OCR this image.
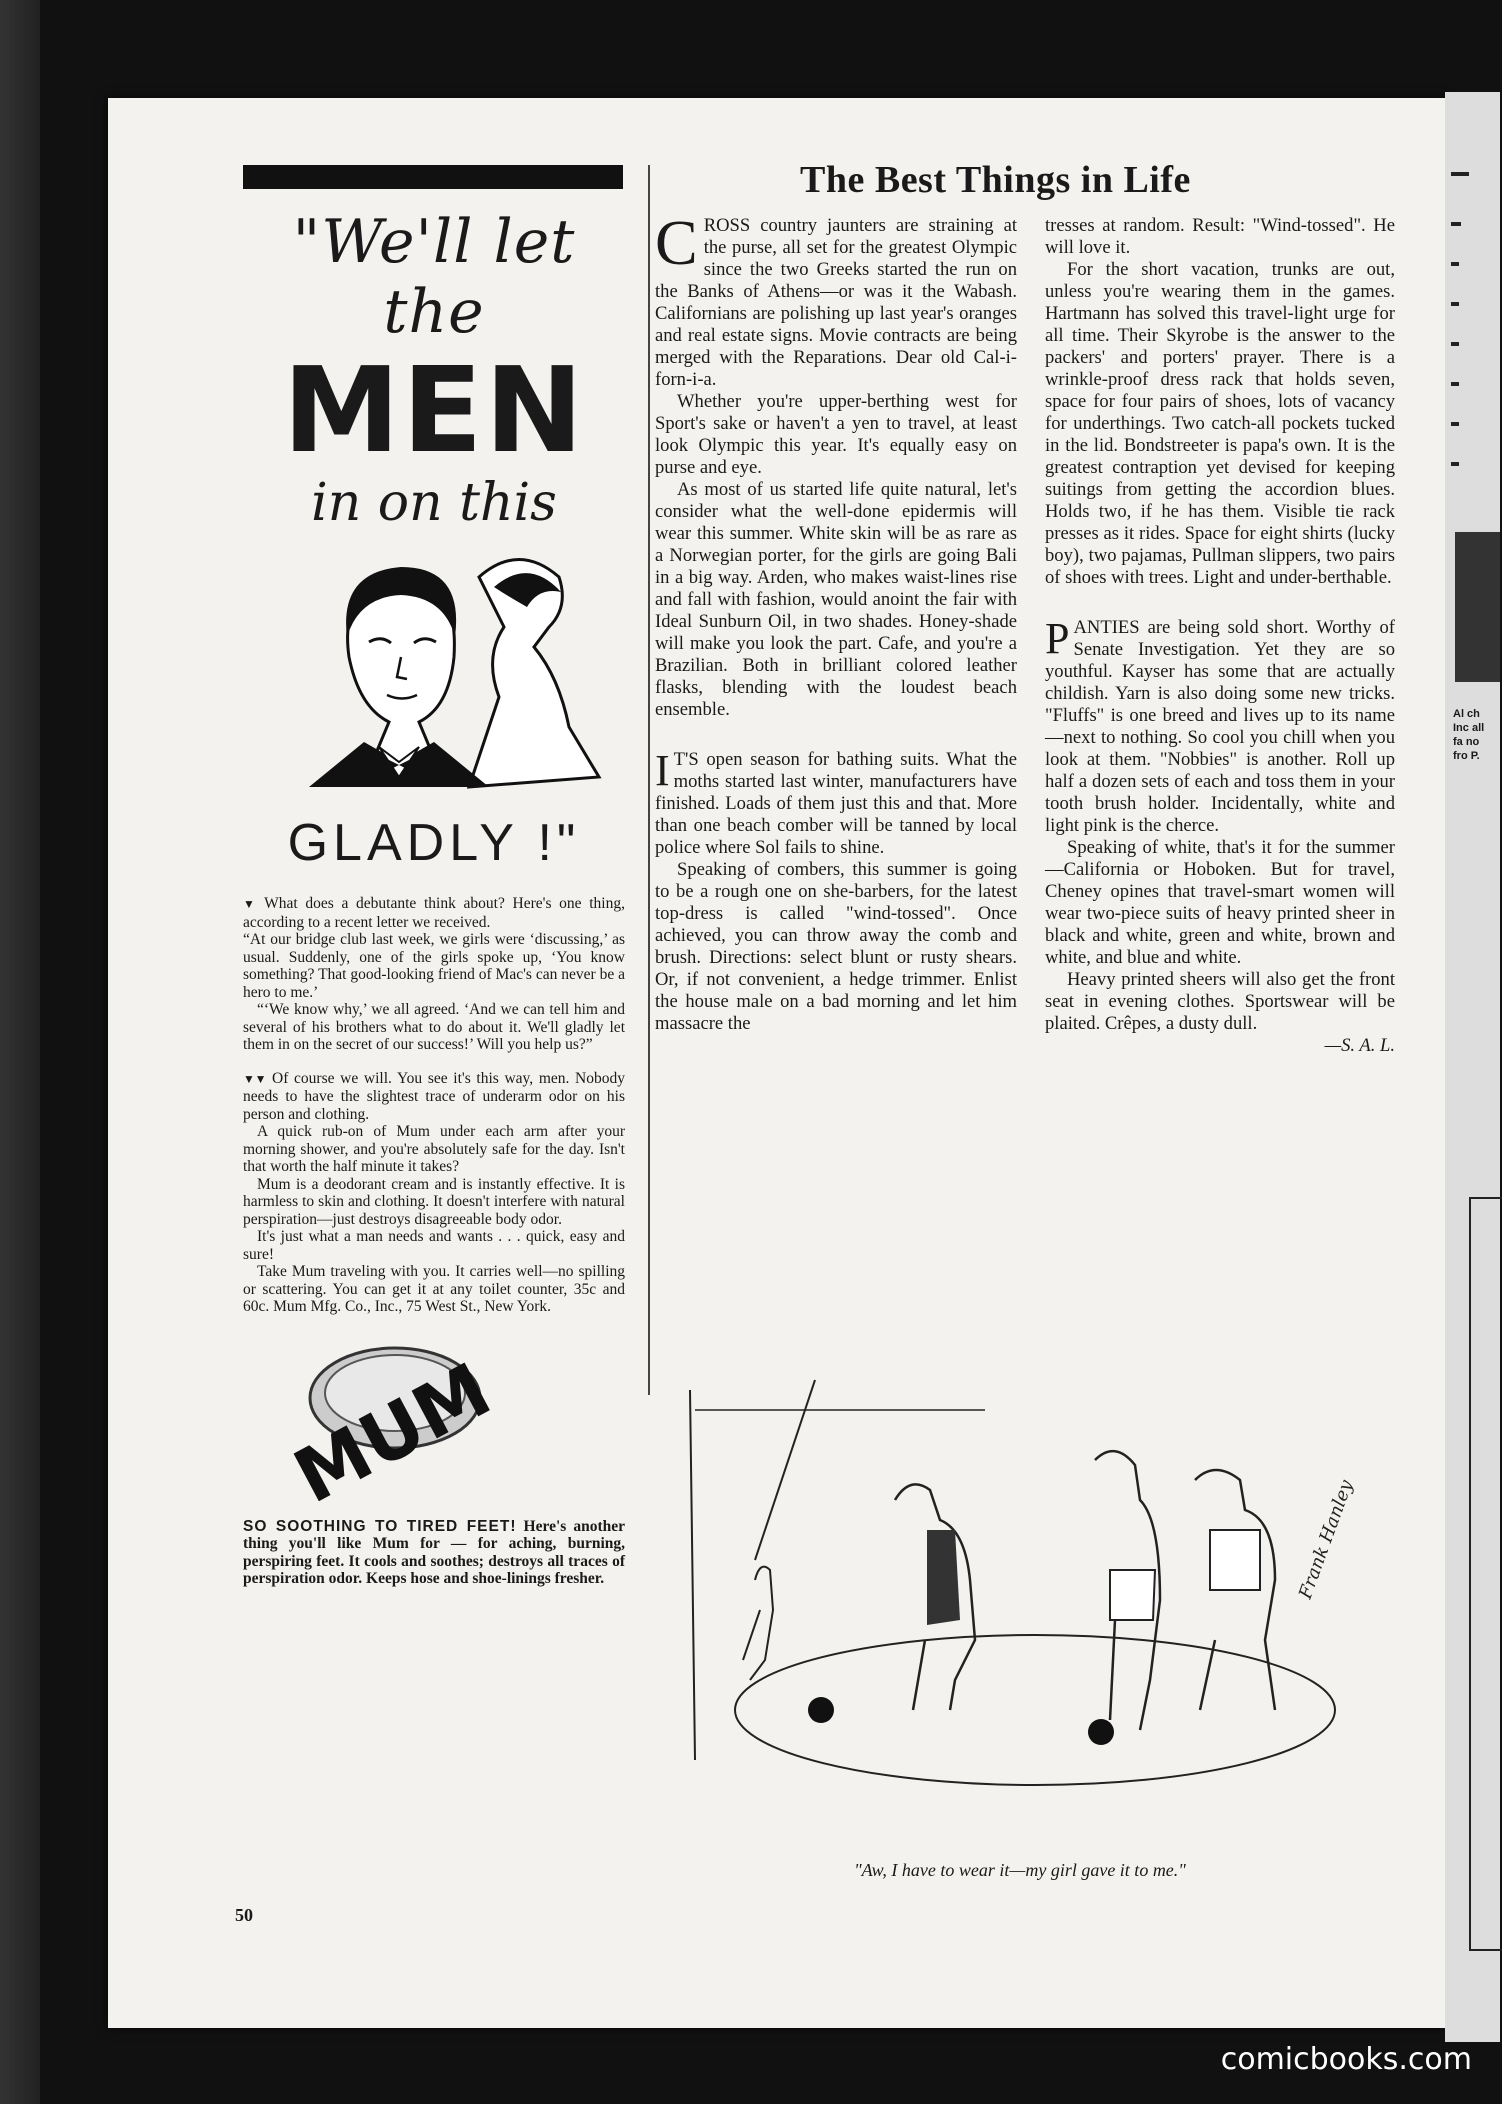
Al ch Inc all fa no fro P.
"We'll let the
MEN
in on this
GLADLY !"

▼ What does a debutante think about? Here's one thing, according to a recent letter we received.

“At our bridge club last week, we girls were ‘discussing,’ as usual. Suddenly, one of the girls spoke up, ‘You know something? That good-looking friend of Mac's can never be a hero to me.’

“‘We know why,’ we all agreed. ‘And we can tell him and several of his brothers what to do about it. We'll gladly let them in on the secret of our success!’ Will you help us?”

▼▼ Of course we will. You see it's this way, men. Nobody needs to have the slightest trace of underarm odor on his person and clothing.

A quick rub-on of Mum under each arm after your morning shower, and you're absolutely safe for the day. Isn't that worth the half minute it takes?

Mum is a deodorant cream and is instantly effective. It is harmless to skin and clothing. It doesn't interfere with natural perspiration—just destroys disagreeable body odor.

It's just what a man needs and wants . . . quick, easy and sure!

Take Mum traveling with you. It carries well—no spilling or scattering. You can get it at any toilet counter, 35c and 60c. Mum Mfg. Co., Inc., 75 West St., New York.

MUM
SO SOOTHING TO TIRED FEET! Here's another thing you'll like Mum for — for aching, burning, perspiring feet. It cools and soothes; destroys all traces of perspiration odor. Keeps hose and shoe-linings fresher.
50
The Best Things in Life

CROSS country jaunters are straining at the purse, all set for the greatest Olympic since the two Greeks started the run on the Banks of Athens—or was it the Wabash. Californians are polishing up last year's oranges and real estate signs. Movie contracts are being merged with the Reparations. Dear old Cal-i-forn-i-a.

Whether you're upper-berthing west for Sport's sake or haven't a yen to travel, at least look Olympic this year. It's equally easy on purse and eye.

As most of us started life quite natural, let's consider what the well-done epidermis will wear this summer. White skin will be as rare as a Norwegian porter, for the girls are going Bali in a big way. Arden, who makes waist-lines rise and fall with fashion, would anoint the fair with Ideal Sunburn Oil, in two shades. Honey-shade will make you look the part. Cafe, and you're a Brazilian. Both in brilliant colored leather flasks, blending with the loudest beach ensemble.

I T'S open season for bathing suits. What the moths started last winter, manufacturers have finished. Loads of them just this and that. More than one beach comber will be tanned by local police where Sol fails to shine.

Speaking of combers, this summer is going to be a rough one on she-barbers, for the latest top-dress is called "wind-tossed". Once achieved, you can throw away the comb and brush. Directions: select blunt or rusty shears. Or, if not convenient, a hedge trimmer. Enlist the house male on a bad morning and let him massacre the

tresses at random. Result: "Wind-tossed". He will love it.

For the short vacation, trunks are out, unless you're wearing them in the games. Hartmann has solved this travel-light urge for all time. Their Skyrobe is the answer to the packers' and porters' prayer. There is a wrinkle-proof dress rack that holds seven, space for four pairs of shoes, lots of vacancy for underthings. Two catch-all pockets tucked in the lid. Bondstreeter is papa's own. It is the greatest contraption yet devised for keeping suitings from getting the accordion blues. Holds two, if he has them. Visible tie rack presses as it rides. Space for eight shirts (lucky boy), two pajamas, Pullman slippers, two pairs of shoes with trees. Light and under-berthable.

PANTIES are being sold short. Worthy of Senate Investigation. Yet they are so youthful. Kayser has some that are actually childish. Yarn is also doing some new tricks. "Fluffs" is one breed and lives up to its name—next to nothing. So cool you chill when you look at them. "Nobbies" is another. Roll up half a dozen sets of each and toss them in your tooth brush holder. Incidentally, white and light pink is the cherce.

Speaking of white, that's it for the summer—California or Hoboken. But for travel, Cheney opines that travel-smart women will wear two-piece suits of heavy printed sheer in black and white, green and white, brown and white, and blue and white.

Heavy printed sheers will also get the front seat in evening clothes. Sportswear will be plaited. Crêpes, a dusty dull.

—S. A. L.
Frank Hanley
"Aw, I have to wear it—my girl gave it to me."
comicbooks.com
